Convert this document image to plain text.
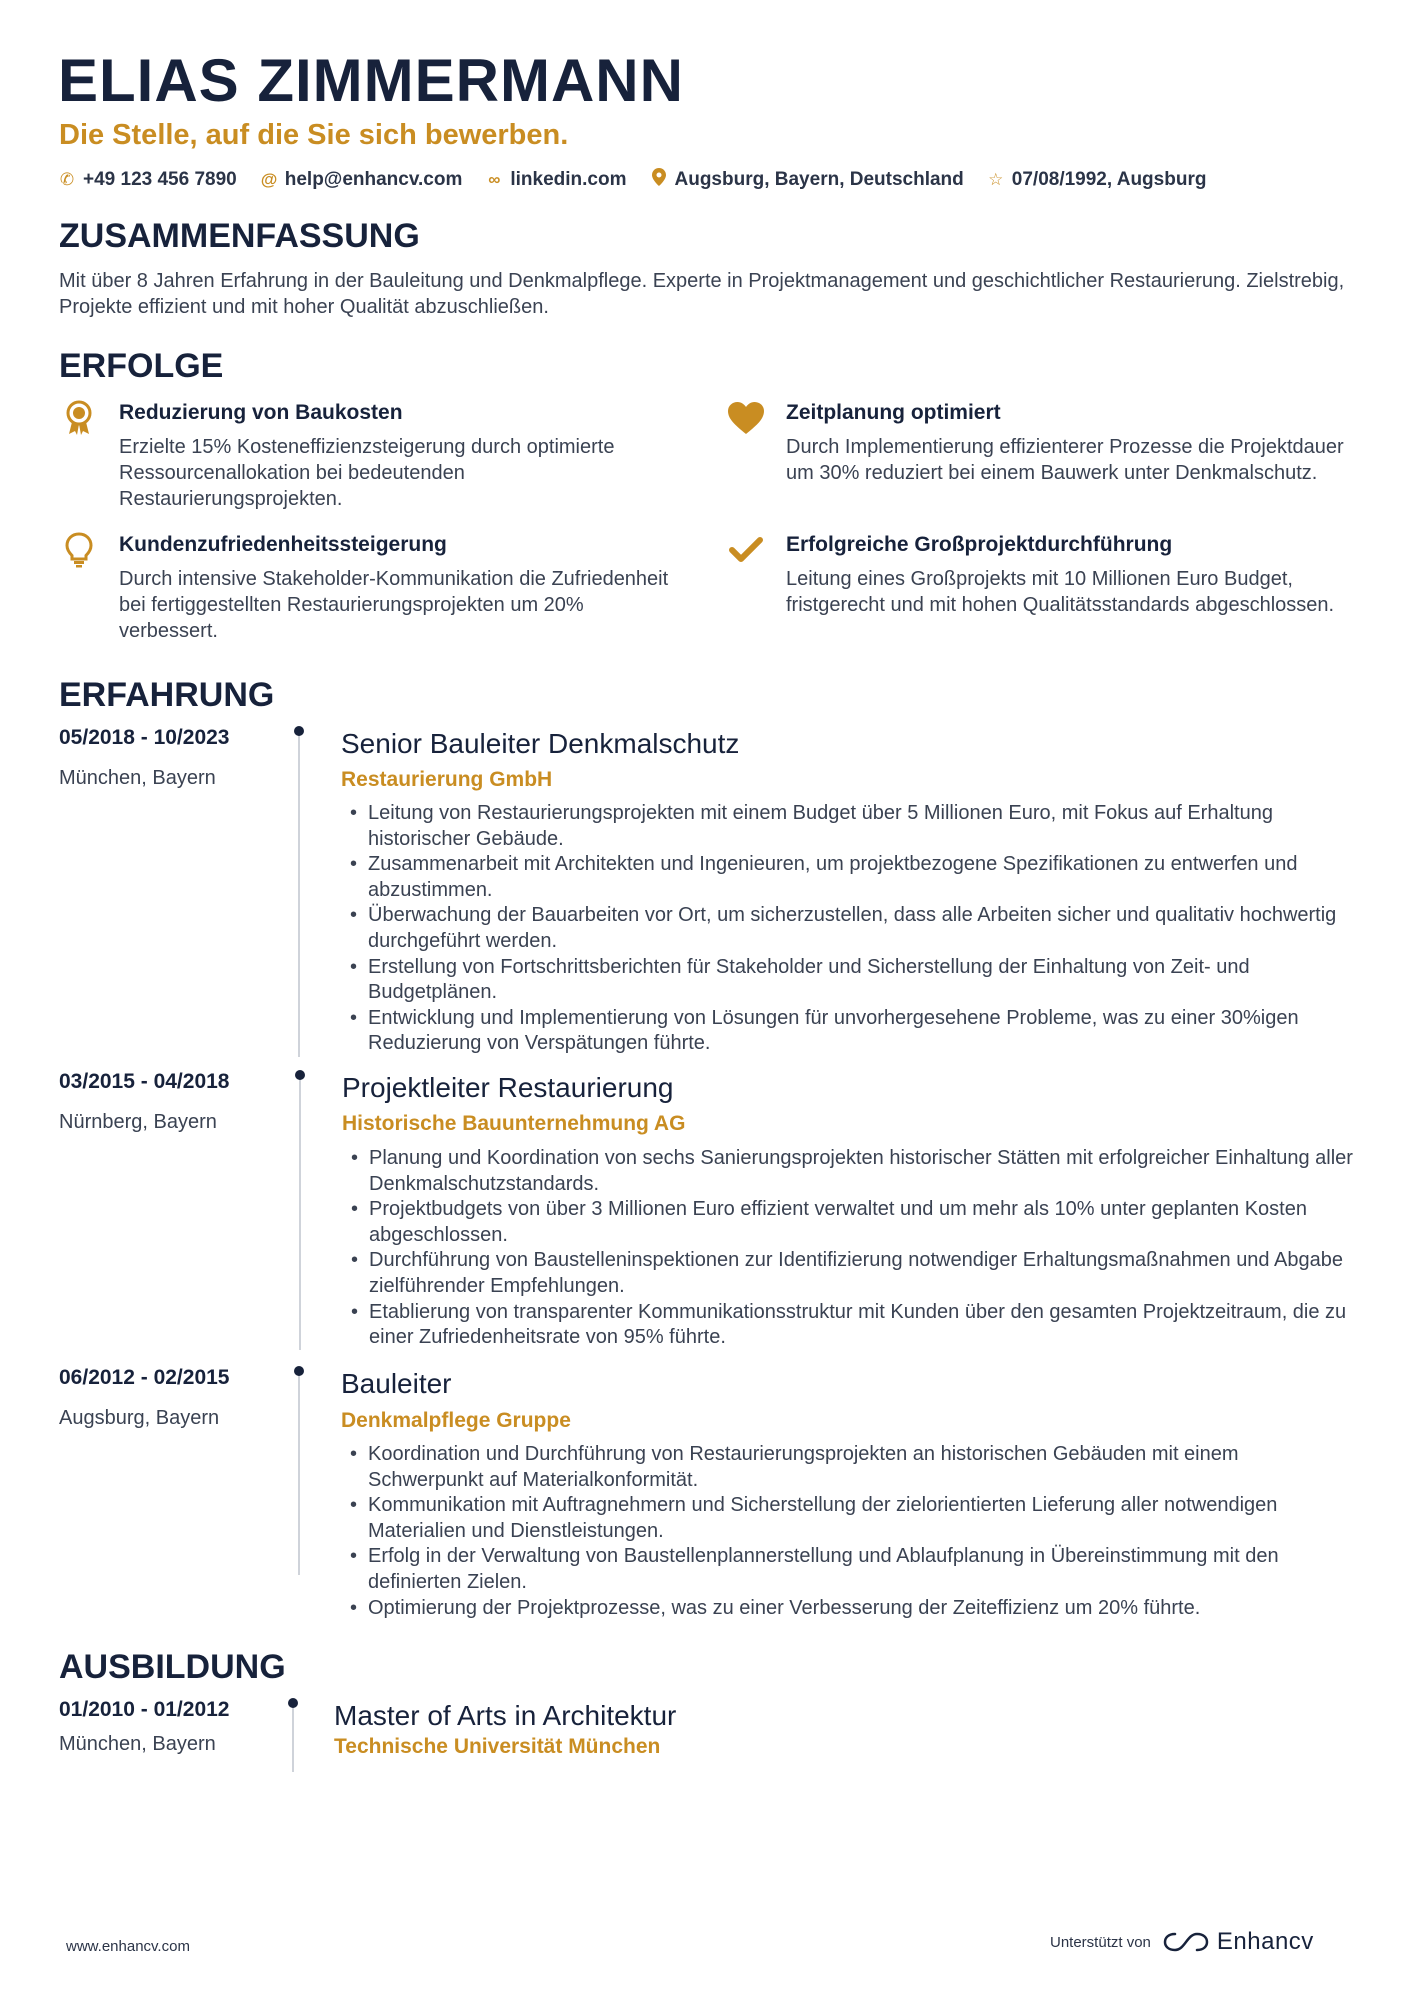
ELIAS ZIMMERMANN
Die Stelle, auf die Sie sich bewerben.
✆ +49 123 456 7890 @ help@enhancv.com ∞ linkedin.com	Augsburg, Bayern, Deutschland ☆ 07/08/1992, Augsburg
ZUSAMMENFASSUNG
Mit über 8 Jahren Erfahrung in der Bauleitung und Denkmalpflege. Experte in Projektmanagement und geschichtlicher Restaurierung. Zielstrebig, Projekte effizient und mit hoher Qualität abzuschließen.
ERFOLGE
Reduzierung von Baukosten
Erzielte 15% Kosteneffizienzsteigerung durch optimierte Ressourcenallokation bei bedeutenden Restaurierungsprojekten.
Zeitplanung optimiert
Durch Implementierung effizienterer Prozesse die Projektdauer um 30% reduziert bei einem Bauwerk unter Denkmalschutz.
Kundenzufriedenheitssteigerung
Durch intensive Stakeholder-Kommunikation die Zufriedenheit bei fertiggestellten Restaurierungsprojekten um 20% verbessert.
Erfolgreiche Großprojektdurchführung
Leitung eines Großprojekts mit 10 Millionen Euro Budget, fristgerecht und mit hohen Qualitätsstandards abgeschlossen.
ERFAHRUNG
05/2018 - 10/2023
München, Bayern
Senior Bauleiter Denkmalschutz
Restaurierung GmbH
• Leitung von Restaurierungsprojekten mit einem Budget über 5 Millionen Euro, mit Fokus auf Erhaltung historischer Gebäude.
• Zusammenarbeit mit Architekten und Ingenieuren, um projektbezogene Spezifikationen zu entwerfen und abzustimmen.
• Überwachung der Bauarbeiten vor Ort, um sicherzustellen, dass alle Arbeiten sicher und qualitativ hochwertig durchgeführt werden.
• Erstellung von Fortschrittsberichten für Stakeholder und Sicherstellung der Einhaltung von Zeit- und Budgetplänen.
• Entwicklung und Implementierung von Lösungen für unvorhergesehene Probleme, was zu einer 30%igen Reduzierung von Verspätungen führte.
03/2015 - 04/2018
Nürnberg, Bayern
Projektleiter Restaurierung
Historische Bauunternehmung AG
• Planung und Koordination von sechs Sanierungsprojekten historischer Stätten mit erfolgreicher Einhaltung aller Denkmalschutzstandards.
• Projektbudgets von über 3 Millionen Euro effizient verwaltet und um mehr als 10% unter geplanten Kosten abgeschlossen.
• Durchführung von Baustelleninspektionen zur Identifizierung notwendiger Erhaltungsmaßnahmen und Abgabe zielführender Empfehlungen.
• Etablierung von transparenter Kommunikationsstruktur mit Kunden über den gesamten Projektzeitraum, die zu einer Zufriedenheitsrate von 95% führte.
06/2012 - 02/2015
Augsburg, Bayern
Bauleiter
Denkmalpflege Gruppe
• Koordination und Durchführung von Restaurierungsprojekten an historischen Gebäuden mit einem Schwerpunkt auf Materialkonformität.
• Kommunikation mit Auftragnehmern und Sicherstellung der zielorientierten Lieferung aller notwendigen Materialien und Dienstleistungen.
• Erfolg in der Verwaltung von Baustellenplannerstellung und Ablaufplanung in Übereinstimmung mit den definierten Zielen.
• Optimierung der Projektprozesse, was zu einer Verbesserung der Zeiteffizienz um 20% führte.
AUSBILDUNG
01/2010 - 01/2012
München, Bayern
Master of Arts in Architektur
Technische Universität München
www.enhancv.com	Unterstützt von	Enhancv
